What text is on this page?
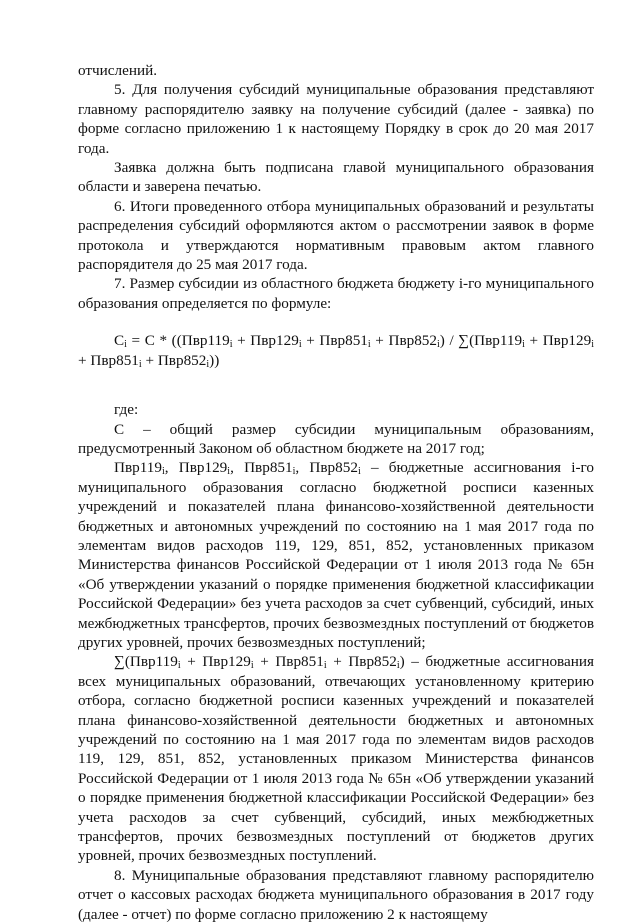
отчислений.

5. Для получения субсидий муниципальные образования представляют главному распорядителю заявку на получение субсидий (далее - заявка) по форме согласно приложению 1 к настоящему Порядку в срок до 20 мая 2017 года.

Заявка должна быть подписана главой муниципального образования области и заверена печатью.

6. Итоги проведенного отбора муниципальных образований и результаты распределения субсидий оформляются актом о рассмотрении заявок в форме протокола и утверждаются нормативным правовым актом главного распорядителя до 25 мая 2017 года.

7. Размер субсидии из областного бюджета бюджету i-го муниципального образования определяется по формуле:

$C_i = C * ((Пвр119_i + Пвр129_i + Пвр851_i + Пвр852_i) / \sum(Пвр119_i + Пвр129_i + Пвр851_i + Пвр852_i))$

где:

C – общий размер субсидии муниципальным образованиям, предусмотренный Законом об областном бюджете на 2017 год;

$Пвр119_i$, $Пвр129_i$, $Пвр851_i$, $Пвр852_i$ – бюджетные ассигнования i-го муниципального образования согласно бюджетной росписи казенных учреждений и показателей плана финансово-хозяйственной деятельности бюджетных и автономных учреждений по состоянию на 1 мая 2017 года по элементам видов расходов 119, 129, 851, 852, установленных приказом Министерства финансов Российской Федерации от 1 июля 2013 года № 65н «Об утверждении указаний о порядке применения бюджетной классификации Российской Федерации» без учета расходов за счет субвенций, субсидий, иных межбюджетных трансфертов, прочих безвозмездных поступлений от бюджетов других уровней, прочих безвозмездных поступлений;

$\sum(Пвр119_i + Пвр129_i + Пвр851_i + Пвр852_i)$ – бюджетные ассигнования всех муниципальных образований, отвечающих установленному критерию отбора, согласно бюджетной росписи казенных учреждений и показателей плана финансово-хозяйственной деятельности бюджетных и автономных учреждений по состоянию на 1 мая 2017 года по элементам видов расходов 119, 129, 851, 852, установленных приказом Министерства финансов Российской Федерации от 1 июля 2013 года № 65н «Об утверждении указаний о порядке применения бюджетной классификации Российской Федерации» без учета расходов за счет субвенций, субсидий, иных межбюджетных трансфертов, прочих безвозмездных поступлений от бюджетов других уровней, прочих безвозмездных поступлений.

8. Муниципальные образования представляют главному распорядителю отчет о кассовых расходах бюджета муниципального образования в 2017 году (далее - отчет) по форме согласно приложению 2 к настоящему
